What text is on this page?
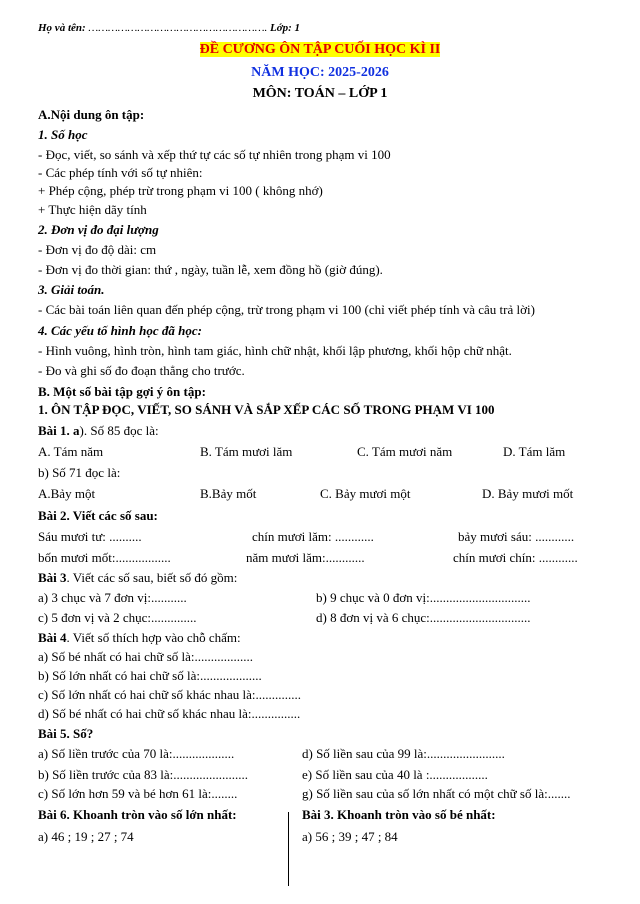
Họ và tên: ………………………………………………. Lớp: 1
ĐỀ CƯƠNG ÔN TẬP CUỐI HỌC KÌ II
NĂM HỌC: 2025-2026
MÔN: TOÁN – LỚP 1
A.Nội dung ôn tập:
1. Số học
- Đọc, viết, so sánh và xếp thứ tự các số tự nhiên trong phạm vi 100
- Các phép tính với số tự nhiên:
+ Phép cộng, phép trừ trong phạm vi 100 ( không nhớ)
+ Thực hiện dãy tính
2. Đơn vị đo đại lượng
- Đơn vị đo độ dài: cm
- Đơn vị đo thời gian: thứ , ngày, tuần lễ, xem đồng hồ (giờ đúng).
3. Giải toán.
- Các bài toán liên quan đến phép cộng, trừ trong phạm vi 100 (chỉ viết phép tính và câu trả lời)
4. Các yếu tố hình học đã học:
- Hình vuông, hình tròn, hình tam giác, hình chữ nhật, khối lập phương, khối hộp chữ nhật.
- Đo và ghi số đo đoạn thẳng cho trước.
B. Một số bài tập gợi ý ôn tập:
1. ÔN TẬP ĐỌC, VIẾT, SO SÁNH VÀ SẮP XẾP CÁC SỐ TRONG PHẠM VI 100
Bài 1. a). Số 85 đọc là:
A. Tám năm	B. Tám mươi lăm	C. Tám mươi năm	D. Tám lăm
b) Số 71 đọc là:
A.Bảy một	B.Bảy mốt	C. Bảy mươi một	D. Bảy mươi mốt
Bài 2. Viết các số sau:
Sáu mươi tư: ..........	chín mươi lăm: ............	bảy mươi sáu: ............
bốn mươi mốt:.................	năm mươi lăm:............	chín mươi chín: ............
Bài 3. Viết các số sau, biết số đó gồm:
a) 3 chục và 7 đơn vị:...........	b) 9 chục và 0 đơn vị:...............................
c) 5 đơn vị và 2 chục:..............	d) 8 đơn vị và 6 chục:...............................
Bài 4. Viết số thích hợp vào chỗ chấm:
a) Số bé nhất có hai chữ số là:..................
b) Số lớn nhất có hai chữ số là:...................
c) Số lớn nhất có hai chữ số khác nhau là:..............
d) Số bé nhất có hai chữ số khác nhau là:...............
Bài 5. Số?
a) Số liền trước của 70 là:...................	d) Số liền sau của 99 là:........................
b) Số liền trước của 83 là:.......................	e) Số liền sau của 40 là :..................
c) Số lớn hơn 59 và bé hơn 61 là:........	g) Số liền sau của số lớn nhất có một chữ số là:.......
Bài 6. Khoanh tròn vào số lớn nhất:	Bài 3. Khoanh tròn vào số bé nhất:
a) 46 ; 19 ; 27 ; 74	a) 56 ; 39 ; 47 ; 84
